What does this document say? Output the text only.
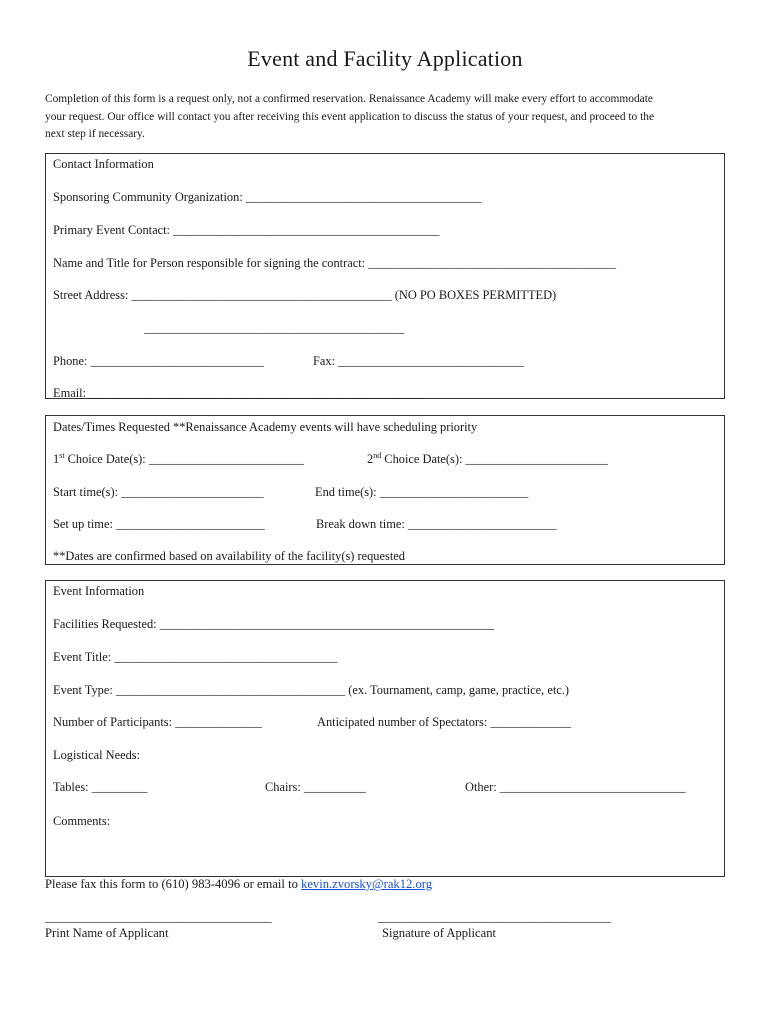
Event and Facility Application
Completion of this form is a request only, not a confirmed reservation. Renaissance Academy will make every effort to accommodate
your request. Our office will contact you after receiving this event application to discuss the status of your request, and proceed to the
next step if necessary.
Contact Information
Sponsoring Community Organization: ______________________________________
Primary Event Contact: ___________________________________________
Name and Title for Person responsible for signing the contract: ________________________________________
Street Address: __________________________________________ (NO PO BOXES PERMITTED)
__________________________________________
Phone: ____________________________	Fax: ______________________________
Email: ______________________________________________________
Dates/Times Requested **Renaissance Academy events will have scheduling priority
1st Choice Date(s): _________________________	2nd Choice Date(s): _______________________
Start time(s): _______________________	End time(s): ________________________
Set up time: ________________________	Break down time: ________________________
**Dates are confirmed based on availability of the facility(s) requested
Event Information
Facilities Requested: ______________________________________________________
Event Title: ____________________________________
Event Type: _____________________________________ (ex. Tournament, camp, game, practice, etc.)
Number of Participants: ______________	Anticipated number of Spectators: _____________
Logistical Needs:
Tables: _________	Chairs: __________	Other: ______________________________
Comments:
Please fax this form to (610) 983-4096 or email to kevin.zvorsky@rak12.org
____________________________________	_____________________________________
Print Name of Applicant	Signature of Applicant
